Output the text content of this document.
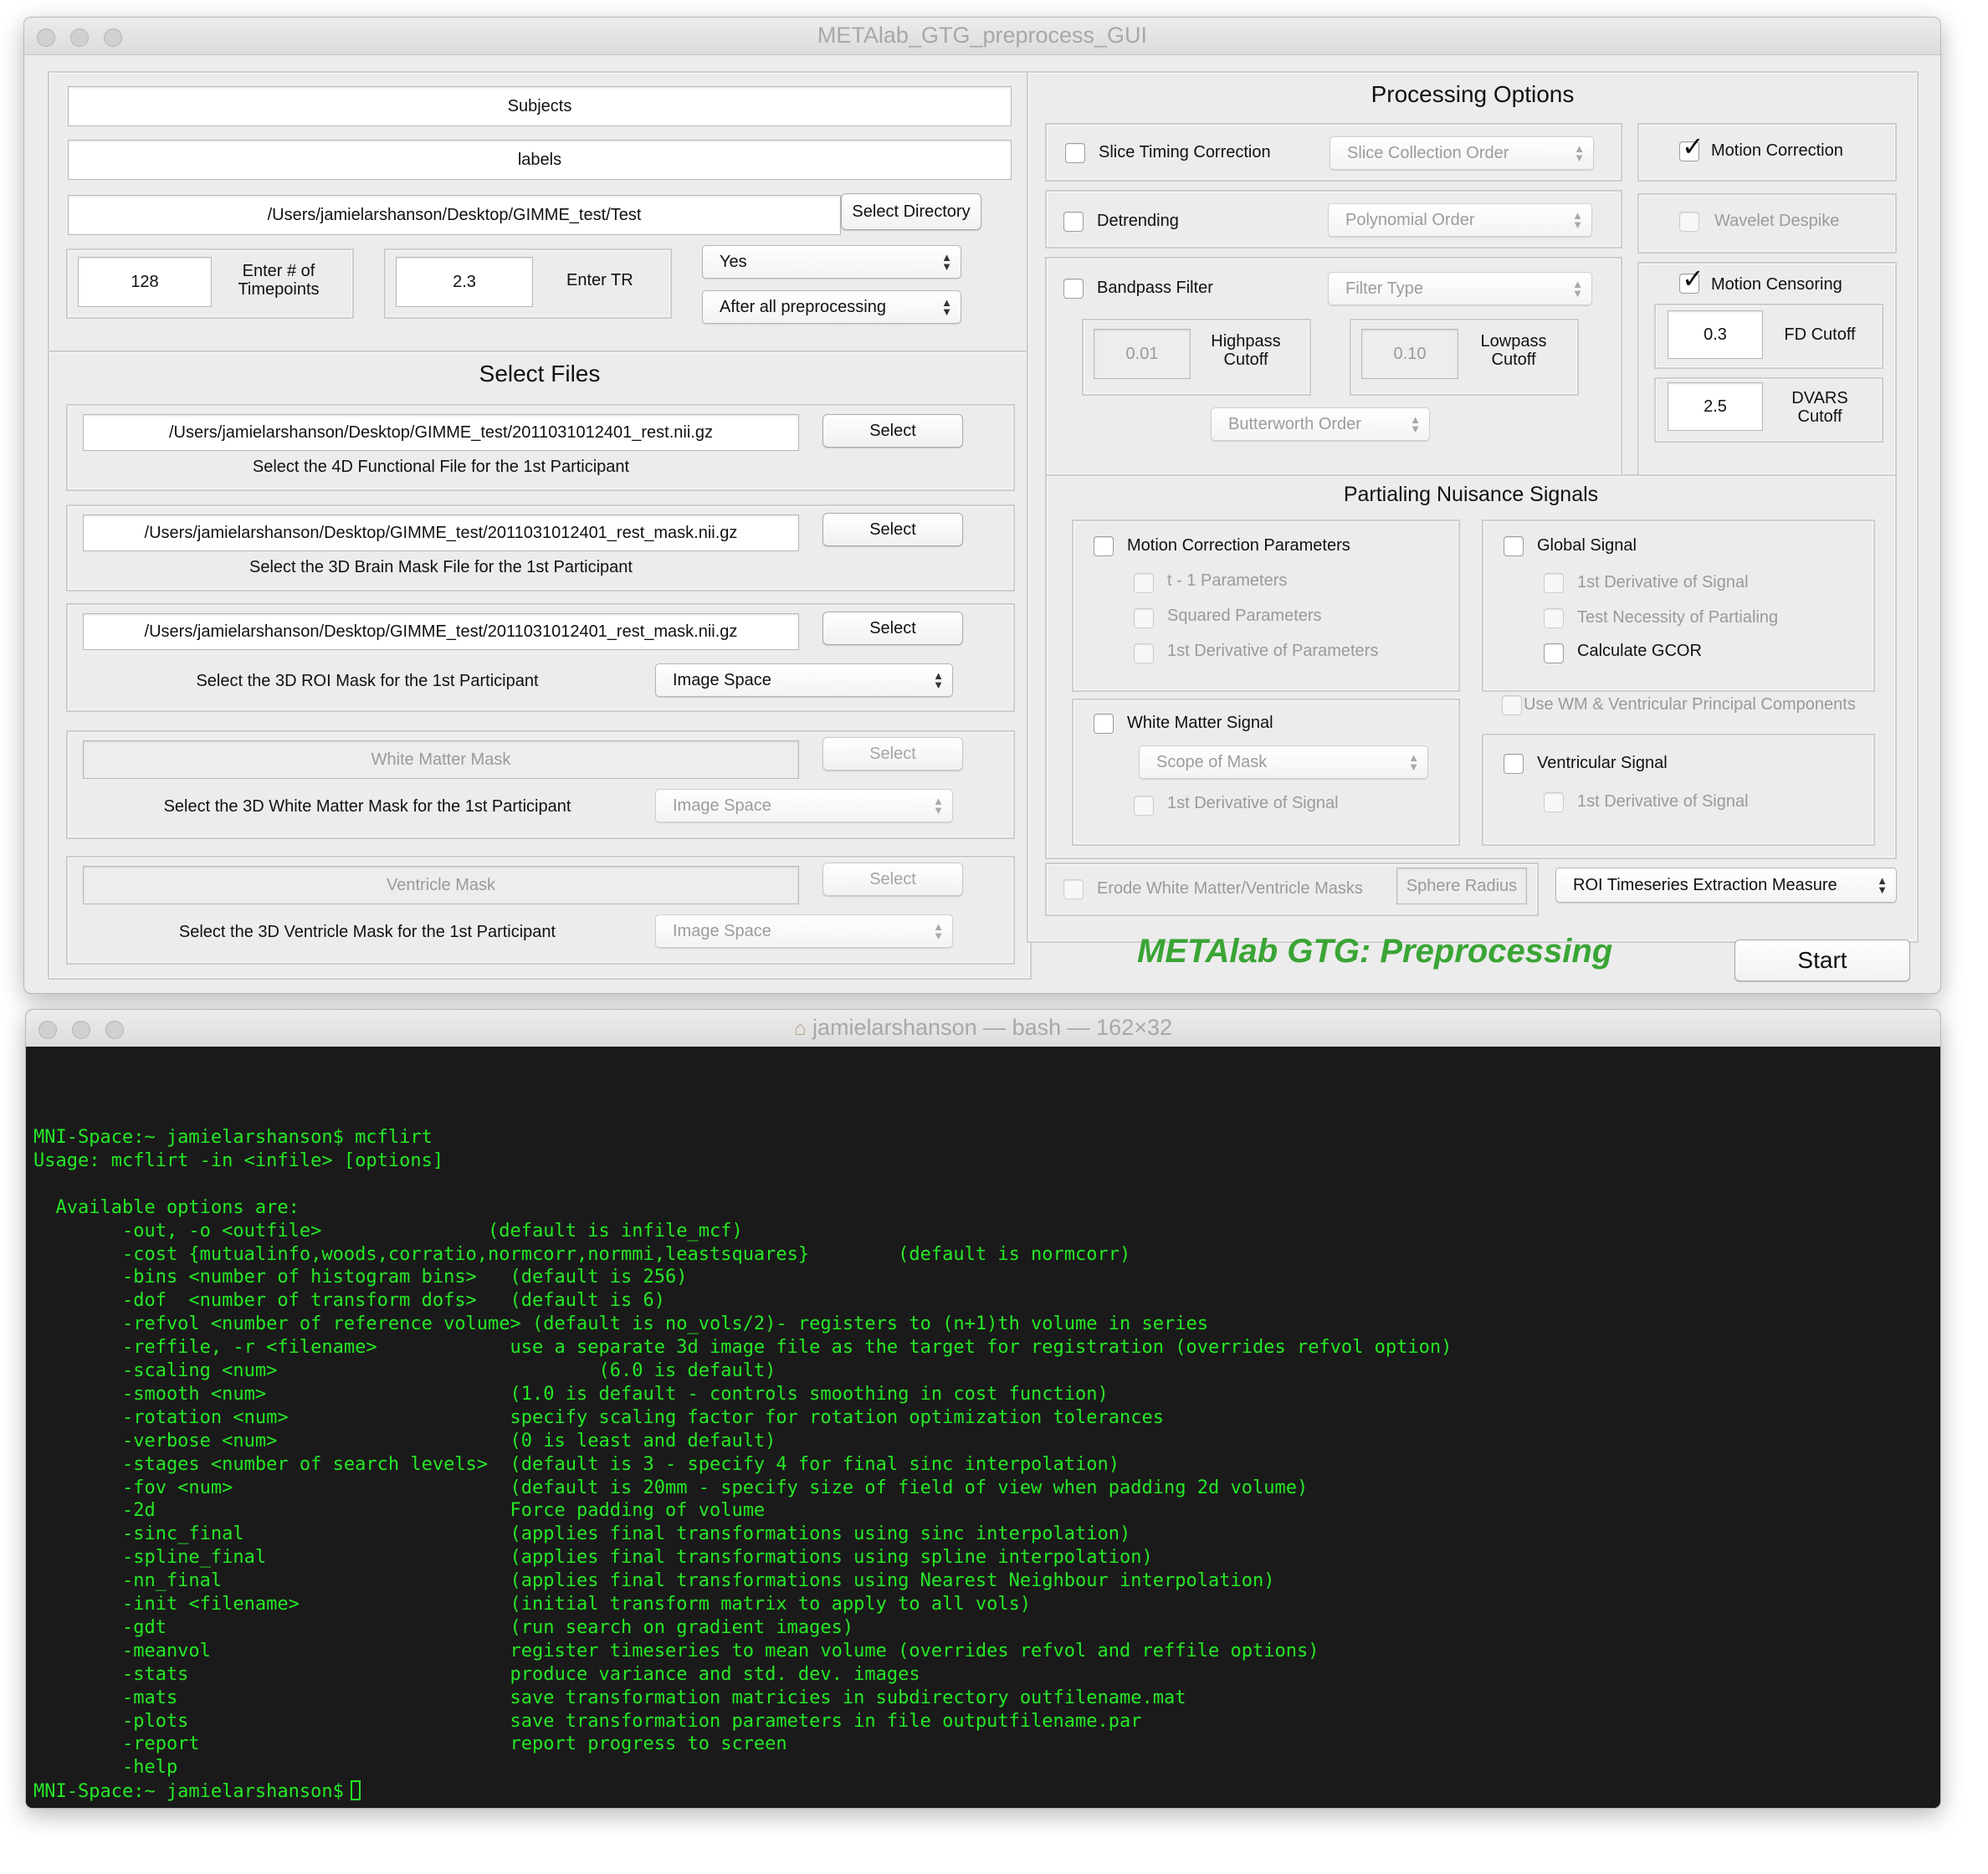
METAlab_GTG_preprocess_GUI
Subjects
labels
/Users/jamielarshanson/Desktop/GIMME_test/Test	Select Directory
128
Enter # of
Timepoints	2.3	Enter TR
Yes	▲
▼
After all preprocessing	▲
▼
Select Files
/Users/jamielarshanson/Desktop/GIMME_test/2011031012401_rest.nii.gz	Select
Select the 4D Functional File for the 1st Participant
/Users/jamielarshanson/Desktop/GIMME_test/2011031012401_rest_mask.nii.gz	Select
Select the 3D Brain Mask File for the 1st Participant
/Users/jamielarshanson/Desktop/GIMME_test/2011031012401_rest_mask.nii.gz	Select
Select the 3D ROI Mask for the 1st Participant	Image Space	▲
▼
White Matter Mask	Select
Select the 3D White Matter Mask for the 1st Participant	Image Space	▲
▼
Ventricle Mask	Select
Select the 3D Ventricle Mask for the 1st Participant	Image Space	▲
▼
Processing Options
Slice Timing Correction	Slice Collection Order	▲
▼	✓ Motion Correction
Detrending	Polynomial Order	▲
▼	Wavelet Despike
Bandpass Filter	Filter Type	▲
▼
0.01
Highpass
Cutoff	0.10
Lowpass
Cutoff
Butterworth Order	▲
▼
✓ Motion Censoring
0.3	FD Cutoff
2.5	DVARS
Cutoff
Partialing Nuisance Signals
Motion Correction Parameters
t - 1 Parameters
Squared Parameters
1st Derivative of Parameters
Global Signal
1st Derivative of Signal
Test Necessity of Partialing
Calculate GCOR
Use WM & Ventricular Principal Components
White Matter Signal
Scope of Mask	▲
▼
1st Derivative of Signal
Ventricular Signal
1st Derivative of Signal
Erode White Matter/Ventricle Masks	Sphere Radius	ROI Timeseries Extraction Measure	▲
▼
METAlab GTG: Preprocessing	Start
⌂ jamielarshanson — bash — 162×32
MNI-Space:~ jamielarshanson$ mcflirt
Usage: mcflirt -in <infile> [options]
Available options are:
-out, -o <outfile>               (default is infile_mcf)
-cost {mutualinfo,woods,corratio,normcorr,normmi,leastsquares}        (default is normcorr)
-bins <number of histogram bins>   (default is 256)
-dof  <number of transform dofs>   (default is 6)
-refvol <number of reference volume> (default is no_vols/2)- registers to (n+1)th volume in series
-reffile, -r <filename>            use a separate 3d image file as the target for registration (overrides refvol option)
-scaling <num>                             (6.0 is default)
-smooth <num>                      (1.0 is default - controls smoothing in cost function)
-rotation <num>                    specify scaling factor for rotation optimization tolerances
-verbose <num>                     (0 is least and default)
-stages <number of search levels>  (default is 3 - specify 4 for final sinc interpolation)
-fov <num>                         (default is 20mm - specify size of field of view when padding 2d volume)
-2d                                Force padding of volume
-sinc_final                        (applies final transformations using sinc interpolation)
-spline_final                      (applies final transformations using spline interpolation)
-nn_final                          (applies final transformations using Nearest Neighbour interpolation)
-init <filename>                   (initial transform matrix to apply to all vols)
-gdt                               (run search on gradient images)
-meanvol                           register timeseries to mean volume (overrides refvol and reffile options)
-stats                             produce variance and std. dev. images
-mats                              save transformation matricies in subdirectory outfilename.mat
-plots                             save transformation parameters in file outputfilename.par
-report                            report progress to screen
-help
MNI-Space:~ jamielarshanson$
